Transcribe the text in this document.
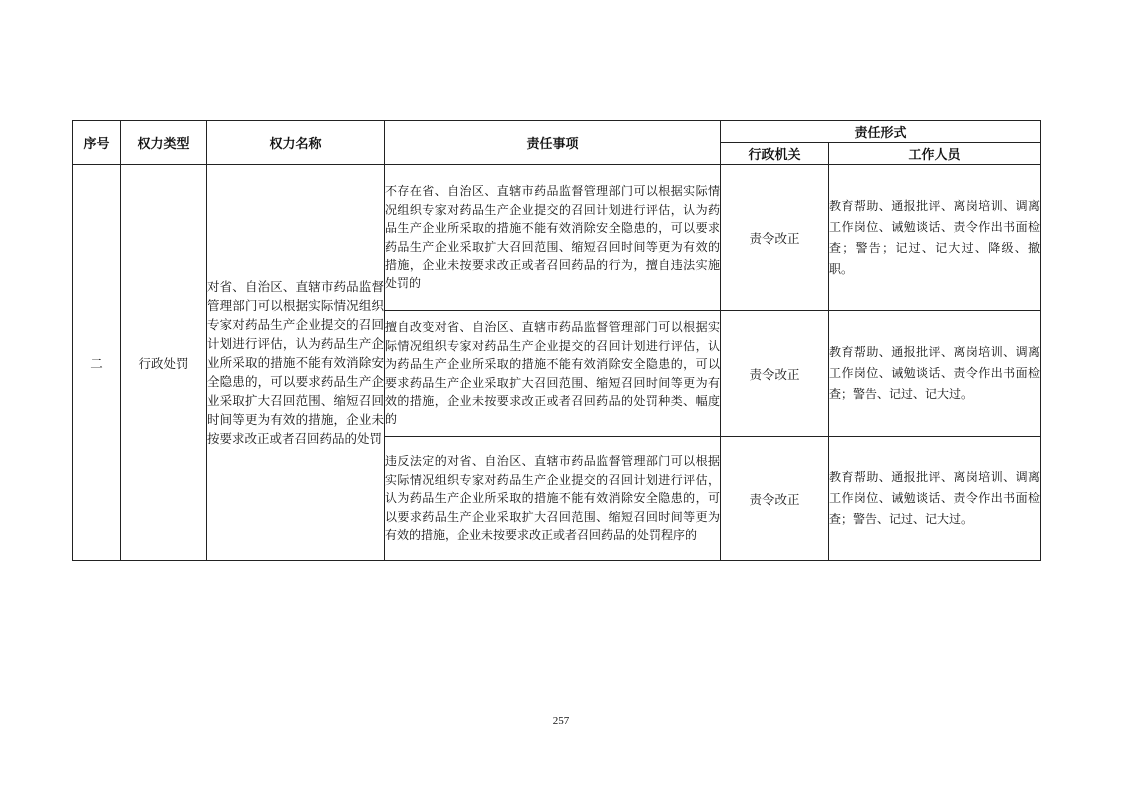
序号	权力类型	权力名称	责任事项	责任形式	
				行政机关	工作人员
二	行政处罚	对省、自治区、直辖市药品监督管理部门可以根据实际情况组织专家对药品生产企业提交的召回计划进行评估，认为药品生产企业所采取的措施不能有效消除安全隐患的，可以要求药品生产企业采取扩大召回范围、缩短召回时间等更为有效的措施，企业未按要求改正或者召回药品的处罚	不存在省、自治区、直辖市药品监督管理部门可以根据实际情况组织专家对药品生产企业提交的召回计划进行评估，认为药品生产企业所采取的措施不能有效消除安全隐患的，可以要求药品生产企业采取扩大召回范围、缩短召回时间等更为有效的措施，企业未按要求改正或者召回药品的行为，擅自违法实施处罚的	责令改正	教育帮助、通报批评、离岗培训、调离工作岗位、诫勉谈话、责令作出书面检查；警告；记过、记大过、降级、撤职。
			擅自改变对省、自治区、直辖市药品监督管理部门可以根据实际情况组织专家对药品生产企业提交的召回计划进行评估，认为药品生产企业所采取的措施不能有效消除安全隐患的，可以要求药品生产企业采取扩大召回范围、缩短召回时间等更为有效的措施，企业未按要求改正或者召回药品的处罚种类、幅度的	责令改正	教育帮助、通报批评、离岗培训、调离工作岗位、诫勉谈话、责令作出书面检查；警告、记过、记大过。
			违反法定的对省、自治区、直辖市药品监督管理部门可以根据实际情况组织专家对药品生产企业提交的召回计划进行评估，认为药品生产企业所采取的措施不能有效消除安全隐患的，可以要求药品生产企业采取扩大召回范围、缩短召回时间等更为有效的措施，企业未按要求改正或者召回药品的处罚程序的	责令改正	教育帮助、通报批评、离岗培训、调离工作岗位、诫勉谈话、责令作出书面检查；警告、记过、记大过。
257
